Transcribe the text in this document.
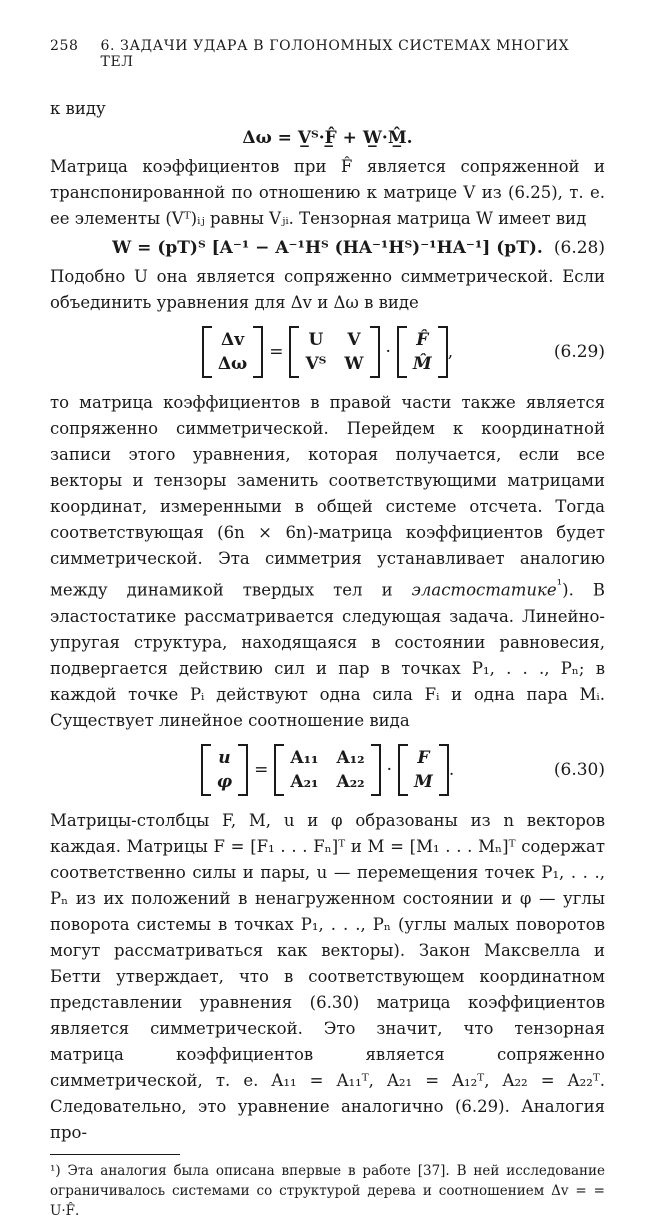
258 6. ЗАДАЧИ УДАРА В ГОЛОНОМНЫХ СИСТЕМАХ МНОГИХ ТЕЛ

к виду

Δω = V̲ᵀ·F̲̂ + W̲·M̲̂.

Матрица коэффициентов при F̂ является сопряженной и транспонированной по отношению к матрице V из (6.25), т. е. ее элементы (Vᵀ)ᵢⱼ равны Vⱼᵢ. Тензорная матрица W имеет вид

W = (pT)ᵀ [A⁻¹ − A⁻¹Hᵀ (HA⁻¹Hᵀ)⁻¹HA⁻¹] (pT). (6.28)

Подобно U она является сопряженно симметрической. Если объединить уравнения для Δv и Δω в виде

Δv
Δω
=
U V
Vᵀ W
·
F̂
M̂
,	(6.29)

то матрица коэффициентов в правой части также является сопряженно симметрической. Перейдем к координатной записи этого уравнения, которая получается, если все векторы и тензоры заменить соответствующими матрицами координат, измеренными в общей системе отсчета. Тогда соответствующая (6n × 6n)-матрица коэффициентов будет симметрической. Эта симметрия устанавливает аналогию между динамикой твердых тел и эластостатике$^{^1}$). В эластостатике рассматривается следующая задача. Линейно-упругая структура, находящаяся в состоянии равновесия, подвергается действию сил и пар в точках P₁, . . ., Pₙ; в каждой точке Pᵢ действуют одна сила Fᵢ и одна пара Mᵢ. Существует линейное соотношение вида

u
φ
=
A₁₁ A₁₂
A₂₁ A₂₂
·
F
M
.	(6.30)

Матрицы-столбцы F, M, u и φ образованы из n векторов каждая. Матрицы F = [F₁ . . . Fₙ]ᵀ и M = [M₁ . . . Mₙ]ᵀ содержат соответственно силы и пары, u — перемещения точек P₁, . . ., Pₙ из их положений в ненагруженном состоянии и φ — углы поворота системы в точках P₁, . . ., Pₙ (углы малых поворотов могут рассматриваться как векторы). Закон Максвелла и Бетти утверждает, что в соответствующем координатном представлении уравнения (6.30) матрица коэффициентов является симметрической. Это значит, что тензорная матрица коэффициентов является сопряженно симметрической, т. е. A₁₁ = A₁₁ᵀ, A₂₁ = A₁₂ᵀ, A₂₂ = A₂₂ᵀ. Следовательно, это уравнение аналогично (6.29). Аналогия про-

¹) Эта аналогия была описана впервые в работе [37]. В ней исследование ограничивалось системами со структурой дерева и соотношением Δv = = U·F̂.
